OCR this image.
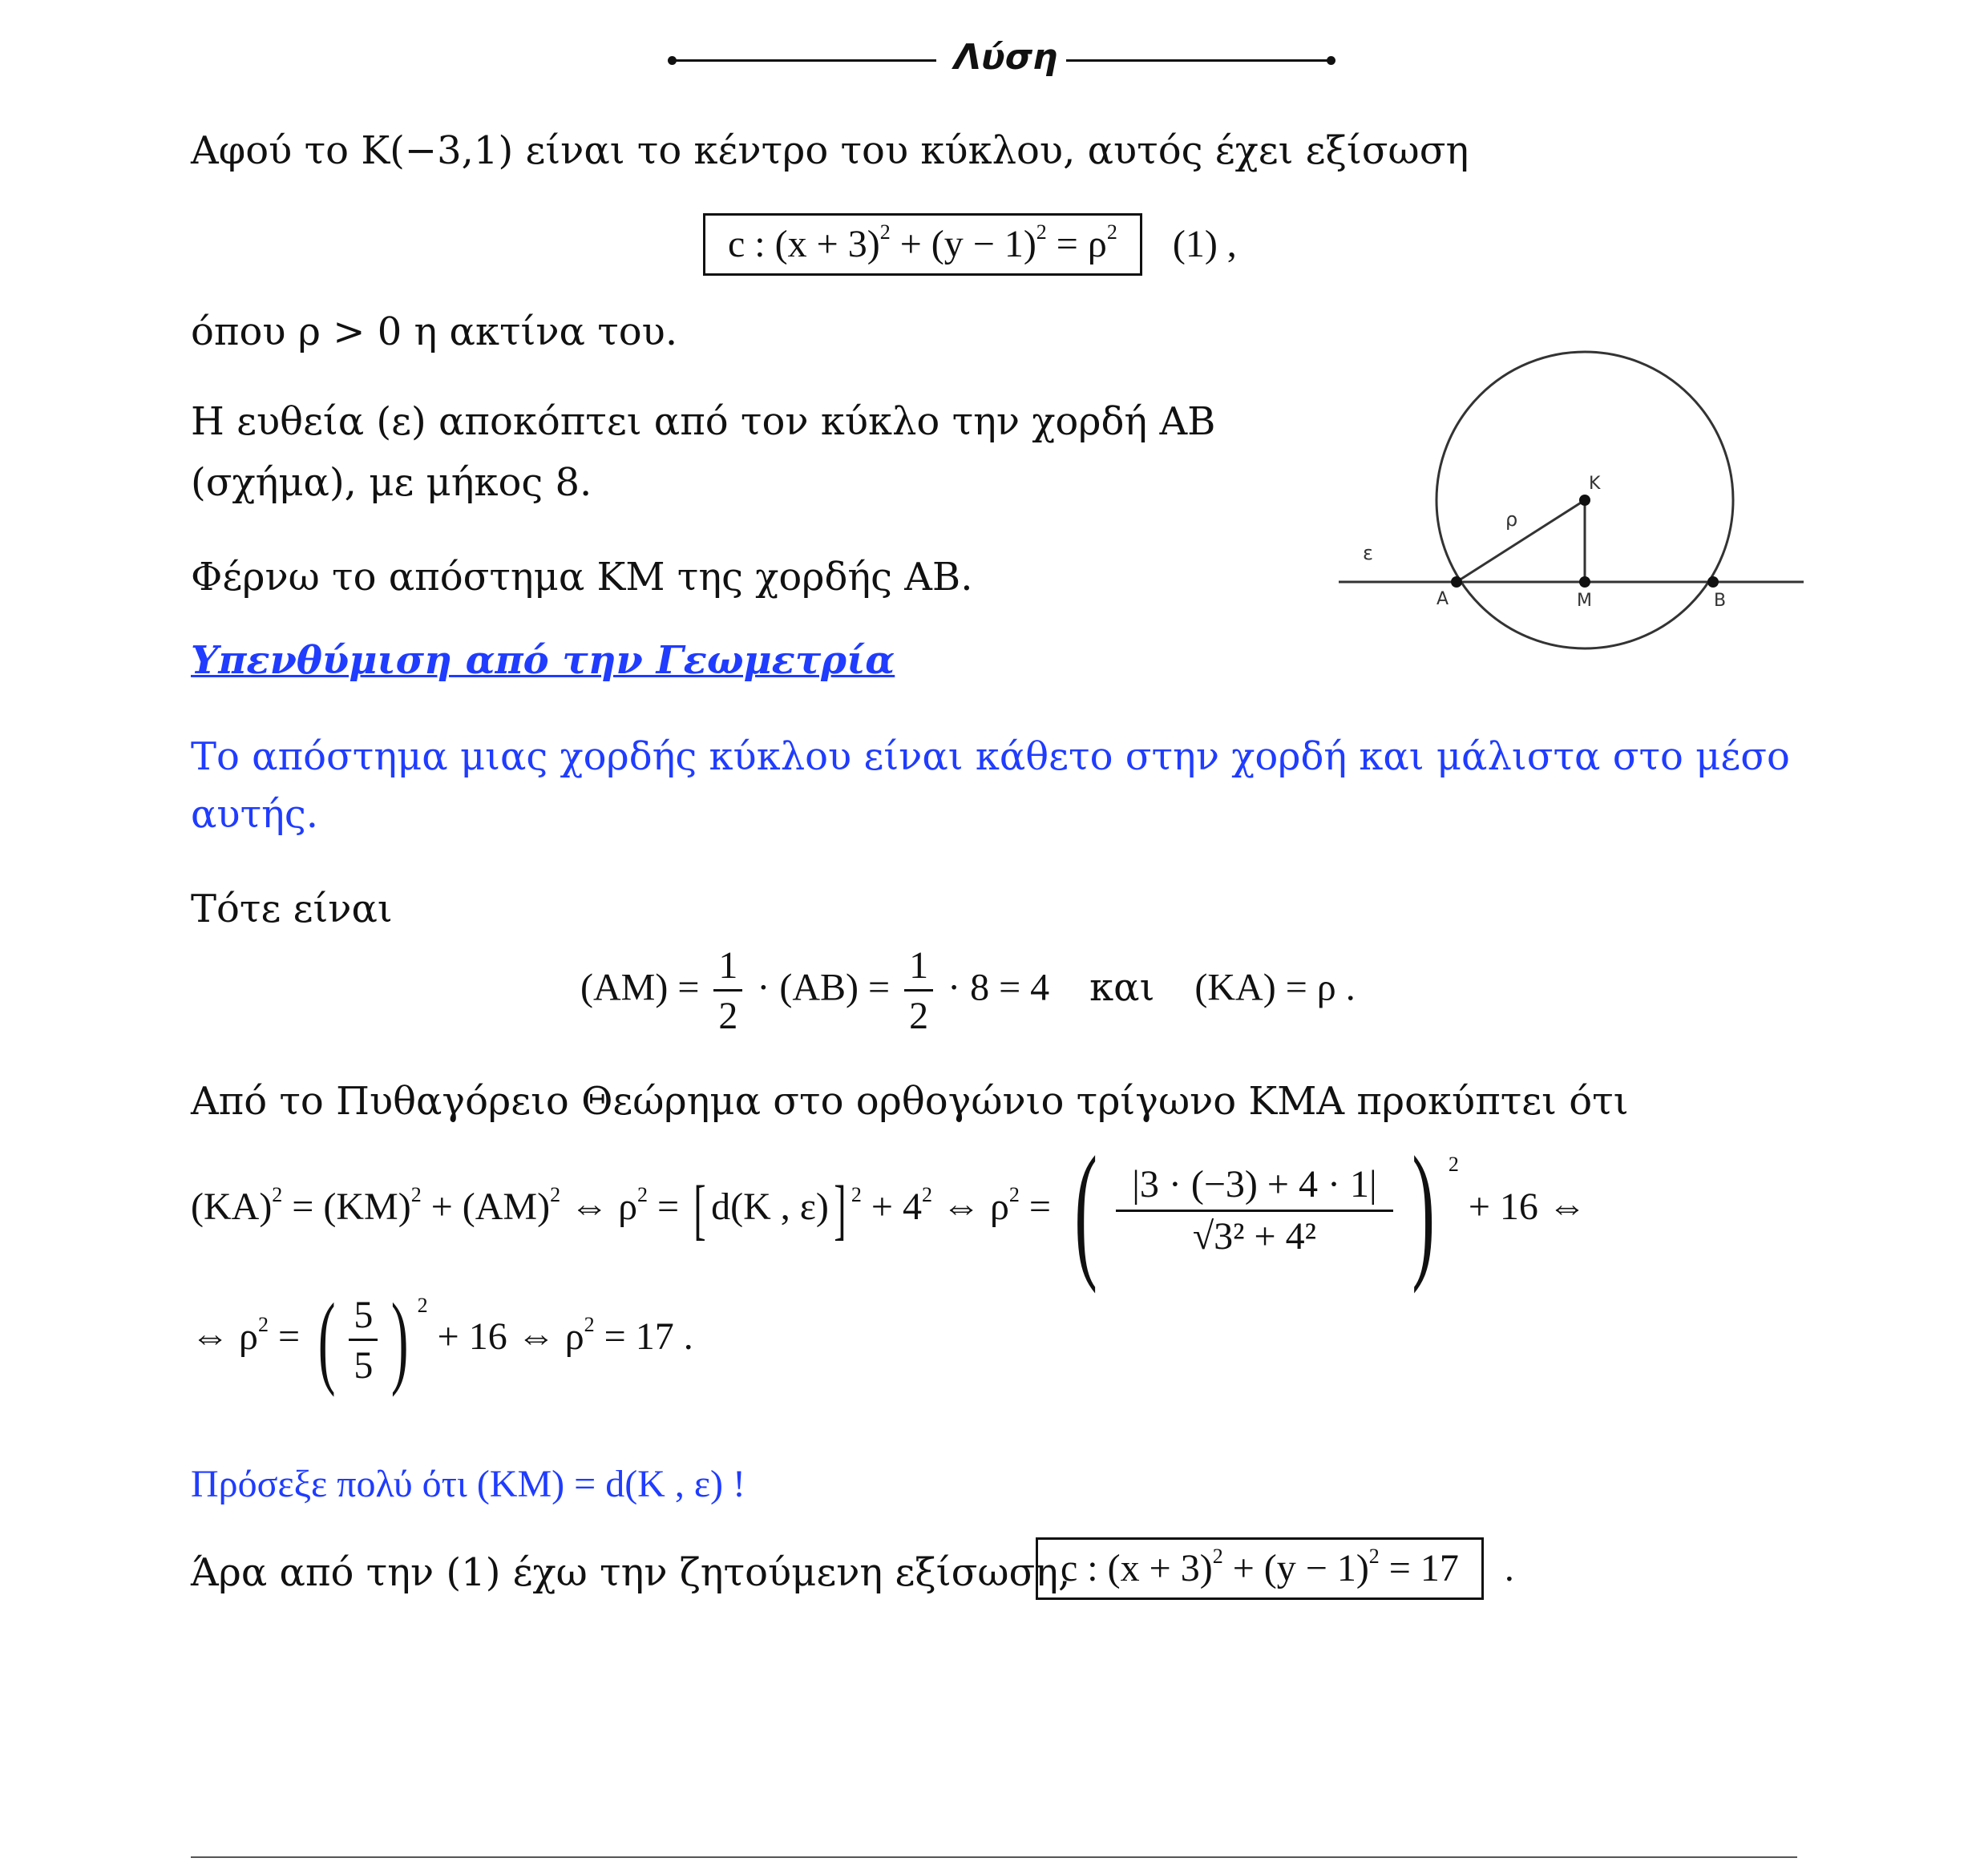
Λύση
Αφού το K(−3,1) είναι το κέντρο του κύκλου, αυτός έχει εξίσωση
c : $(x + 3)^2 + (y - 1)^2 = \rho^2$ (1) ,
όπου ρ > 0 η ακτίνα του.
Η ευθεία (ε) αποκόπτει από τον κύκλο την χορδή ΑΒ
(σχήμα), με μήκος 8.
Φέρνω το απόστημα ΚΜ της χορδής ΑΒ.
K
ρ
ε
A	M	B
Υπενθύμιση από την Γεωμετρία
Το απόστημα μιας χορδής κύκλου είναι κάθετο στην χορδή και μάλιστα στο μέσο
αυτής.
Τότε είναι
$(AM) = \frac{1}{2} \cdot (AB) = \frac{1}{2} \cdot 8 = 4$ και (KA) = ρ .
Από το Πυθαγόρειο Θεώρημα στο ορθογώνιο τρίγωνο ΚΜΑ προκύπτει ότι
(KA)$^2$ = (KM)$^2$ + (AM)$^2$ ⇔ $\rho^2$ = [ d(K , ε)] $^2 + 4^2$ ⇔ $\rho^2$ = ( $\frac{|3 \cdot (-3) + 4 \cdot 1|}{\text{√3² + 4²}}$ ) $^2$ + 16 ⇔
⇔ $\rho^2$ = ( $\frac{5}{5}$ ) $^2$ + 16 ⇔ $\rho^2 = 17$ .
Πρόσεξε πολύ ότι (KM) = d(K , ε) !
Άρα από την (1) έχω την ζητούμενη εξίσωση,
c : $(x + 3)^2 + (y - 1)^2 = 17$ .
